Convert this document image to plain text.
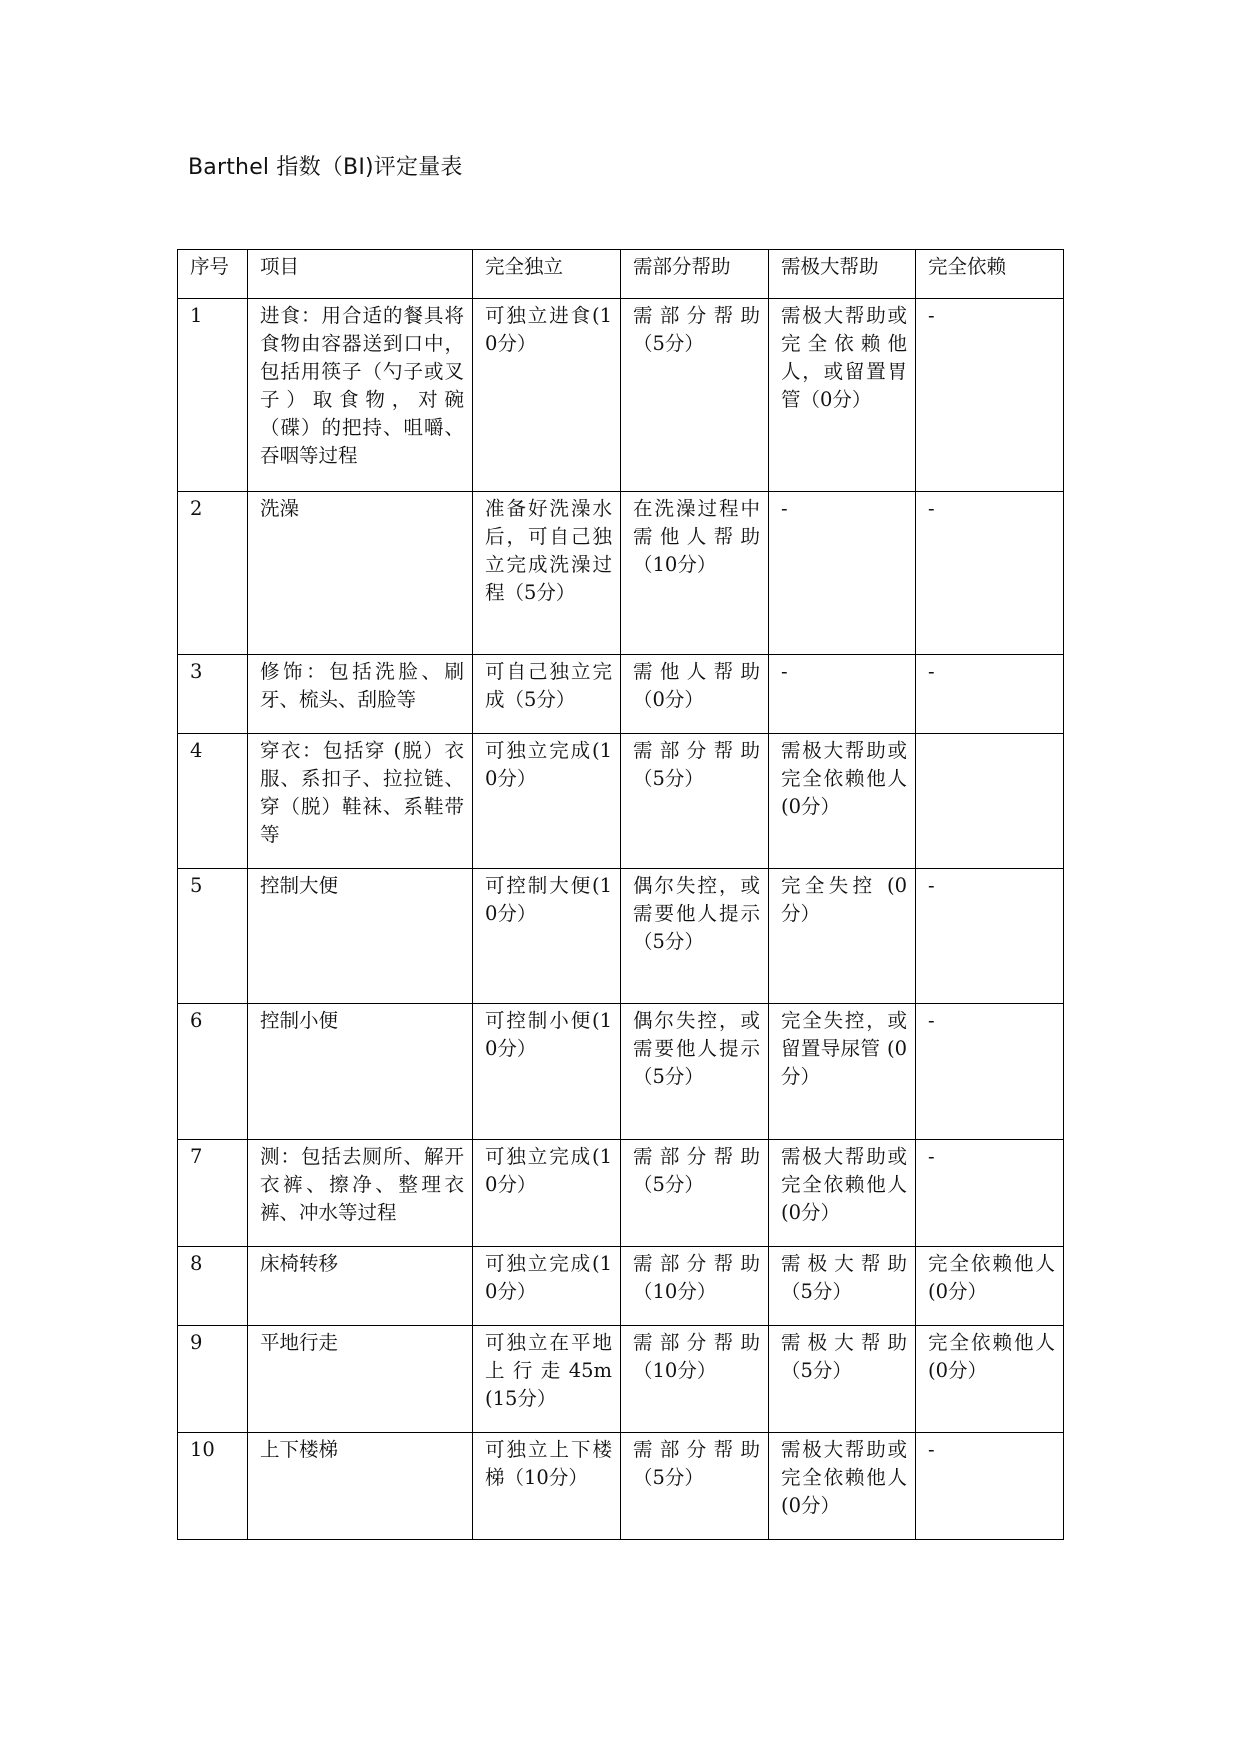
Barthel 指数（BI)评定量表
序号	项目	完全独立	需部分帮助	需极大帮助	完全依赖
1	进食：用合适的餐具将食物由容器送到口中，包括用筷子（勺子或叉子）取食物，对碗（碟）的把持、咀嚼、吞咽等过程	可独立进食(10分）	需部分帮助（5分）	需极大帮助或完全依赖他人，或留置胃管（0分）	-
2	洗澡	准备好洗澡水后，可自己独立完成洗澡过程（5分）	在洗澡过程中需他人帮助（10分）	-	-
3	修饰：包括洗脸、刷牙、梳头、刮脸等	可自己独立完成（5分）	需他人帮助（0分）	-	-
4	穿衣：包括穿 (脱）衣服、系扣子、拉拉链、穿（脱）鞋袜、系鞋带等	可独立完成(10分）	需部分帮助（5分）	需极大帮助或完全依赖他人(0分）	
5	控制大便	可控制大便(10分）	偶尔失控，或需要他人提示（5分）	完全失控 (0分）	-
6	控制小便	可控制小便(10分）	偶尔失控，或需要他人提示（5分）	完全失控，或留置导尿管 (0分）	-
7	测：包括去厕所、解开衣裤、擦净、整理衣裤、冲水等过程	可独立完成(10分）	需部分帮助（5分）	需极大帮助或完全依赖他人(0分）	-
8	床椅转移	可独立完成(10分）	需部分帮助（10分）	需极大帮助（5分）	完全依赖他人(0分）
9	平地行走	可独立在平地上行走45m (15分）	需部分帮助（10分）	需极大帮助（5分）	完全依赖他人(0分）
10	上下楼梯	可独立上下楼梯（10分）	需部分帮助（5分）	需极大帮助或完全依赖他人(0分）	-
